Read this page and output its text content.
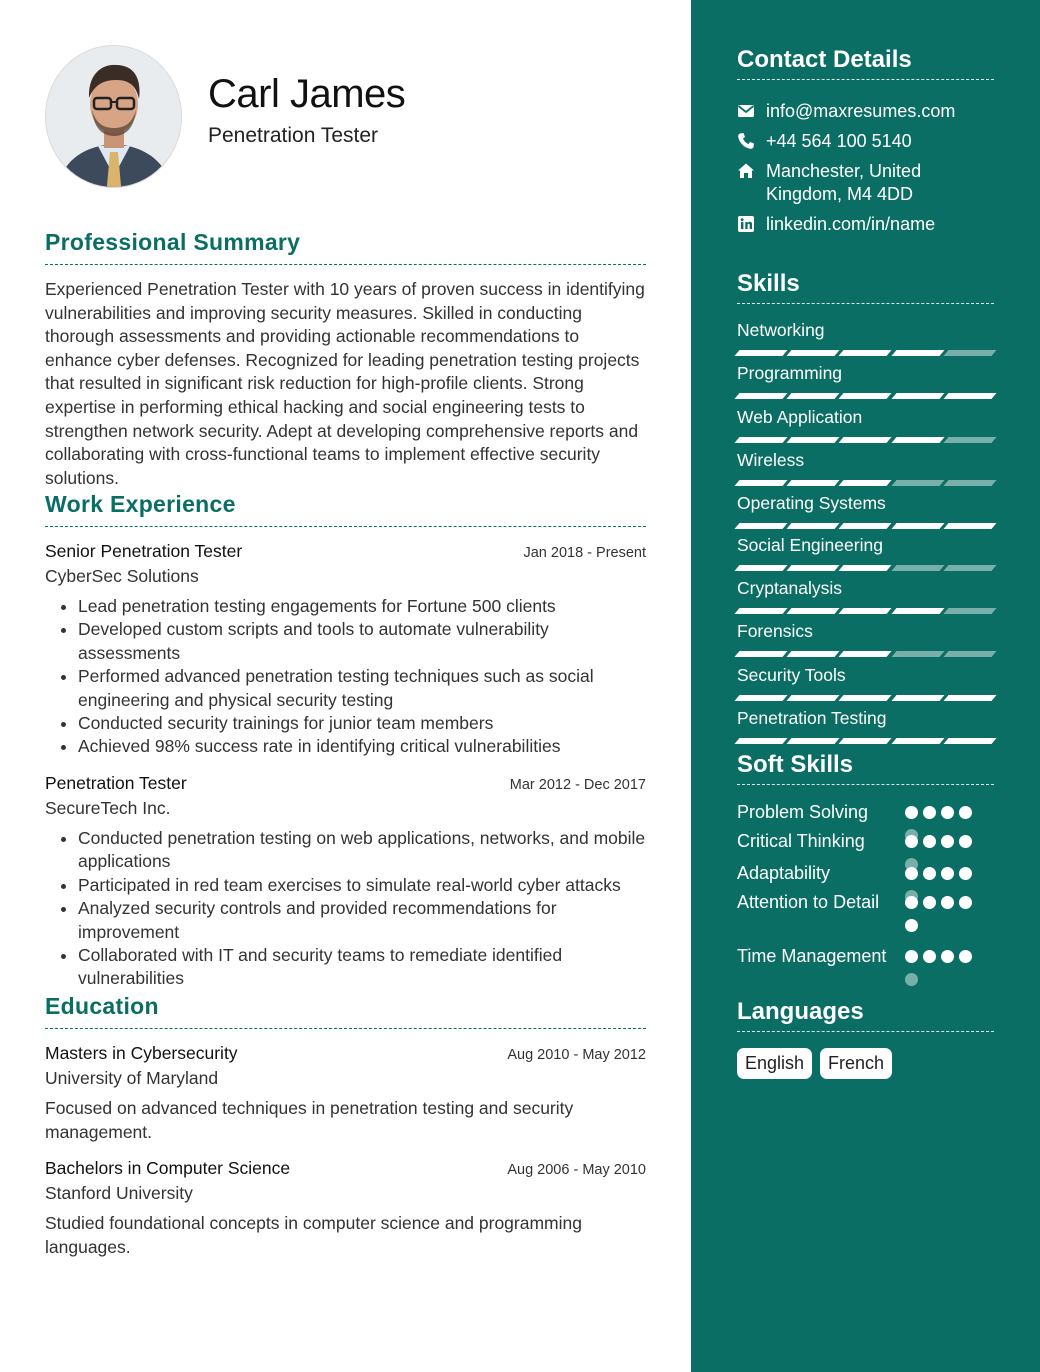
Carl James
Penetration Tester
Professional Summary
Experienced Penetration Tester with 10 years of proven success in identifying vulnerabilities and improving security measures. Skilled in conducting thorough assessments and providing actionable recommendations to enhance cyber defenses. Recognized for leading penetration testing projects that resulted in significant risk reduction for high-profile clients. Strong expertise in performing ethical hacking and social engineering tests to strengthen network security. Adept at developing comprehensive reports and collaborating with cross-functional teams to implement effective security solutions.
Work Experience
Senior Penetration Tester	Jan 2018 - Present
CyberSec Solutions
• Lead penetration testing engagements for Fortune 500 clients
• Developed custom scripts and tools to automate vulnerability assessments
• Performed advanced penetration testing techniques such as social engineering and physical security testing
• Conducted security trainings for junior team members
• Achieved 98% success rate in identifying critical vulnerabilities
Penetration Tester	Mar 2012 - Dec 2017
SecureTech Inc.
• Conducted penetration testing on web applications, networks, and mobile applications
• Participated in red team exercises to simulate real-world cyber attacks
• Analyzed security controls and provided recommendations for improvement
• Collaborated with IT and security teams to remediate identified vulnerabilities
Education
Masters in Cybersecurity	Aug 2010 - May 2012
University of Maryland
Focused on advanced techniques in penetration testing and security management.
Bachelors in Computer Science	Aug 2006 - May 2010
Stanford University
Studied foundational concepts in computer science and programming languages.
Contact Details
info@maxresumes.com
+44 564 100 5140
Manchester, United Kingdom, M4 4DD
linkedin.com/in/name
Skills
Networking
Programming
Web Application
Wireless
Operating Systems
Social Engineering
Cryptanalysis
Forensics
Security Tools
Penetration Testing
Soft Skills
Problem Solving
Critical Thinking
Adaptability
Attention to Detail
Time Management
Languages
English	French
